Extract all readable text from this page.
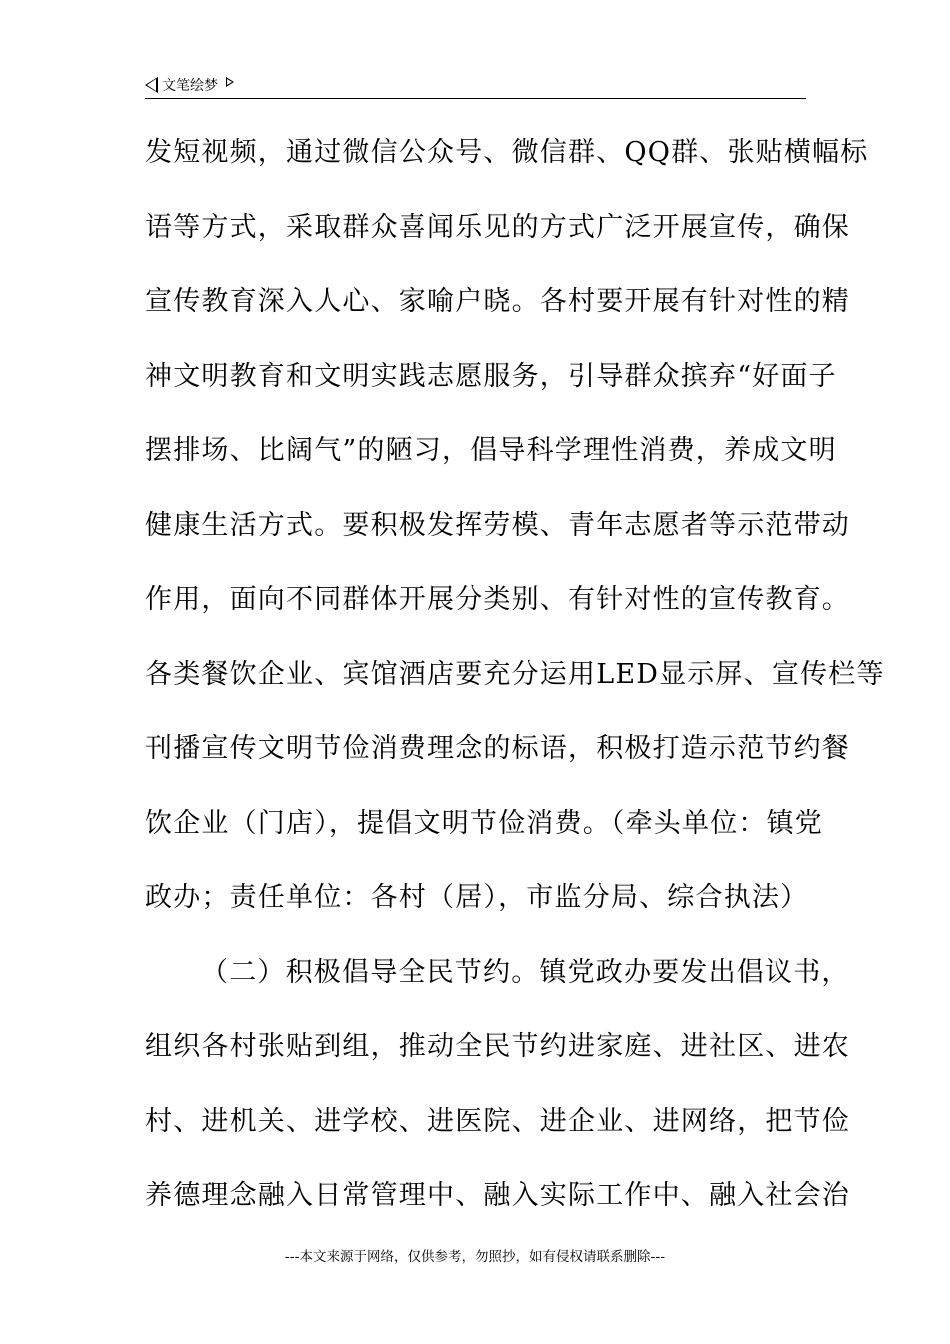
文笔绘梦
发短视频，通过微信公众号、微信群、QQ群、张贴横幅标
语等方式，采取群众喜闻乐见的方式广泛开展宣传，确保
宣传教育深入人心、家喻户晓。各村要开展有针对性的精
神文明教育和文明实践志愿服务，引导群众摈弃“好面子
摆排场、比阔气”的陋习，倡导科学理性消费，养成文明
健康生活方式。要积极发挥劳模、青年志愿者等示范带动
作用，面向不同群体开展分类别、有针对性的宣传教育。
各类餐饮企业、宾馆酒店要充分运用LED显示屏、宣传栏等
刊播宣传文明节俭消费理念的标语，积极打造示范节约餐
饮企业（门店），提倡文明节俭消费。（牵头单位：镇党
政办；责任单位：各村（居），市监分局、综合执法）
（二）积极倡导全民节约。镇党政办要发出倡议书，
组织各村张贴到组，推动全民节约进家庭、进社区、进农
村、进机关、进学校、进医院、进企业、进网络，把节俭
养德理念融入日常管理中、融入实际工作中、融入社会治
---本文来源于网络，仅供参考，勿照抄，如有侵权请联系删除---
